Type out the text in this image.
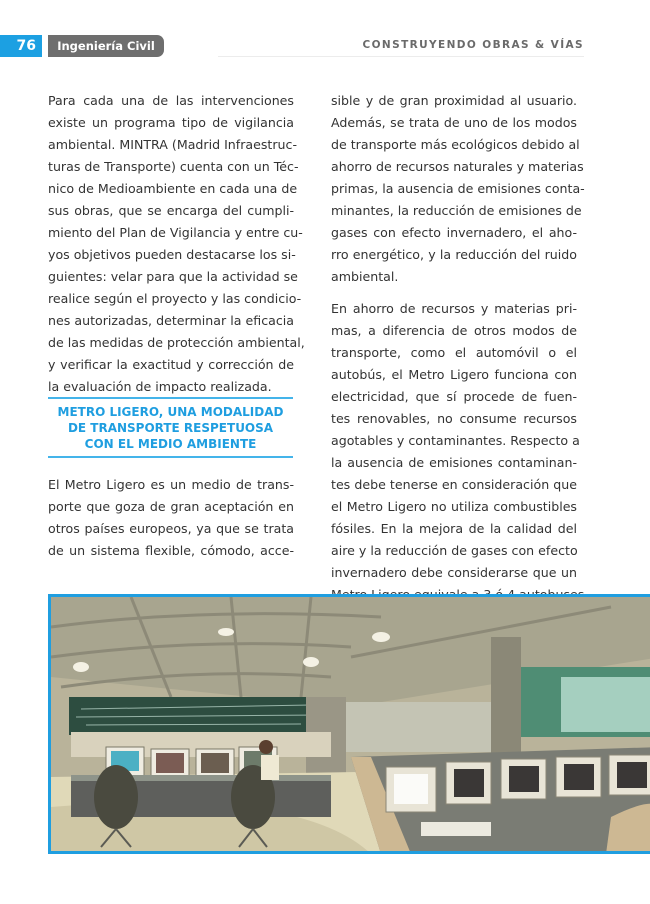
76	Ingeniería Civil	CONSTRUYENDO OBRAS & VÍAS
Para cada una de las intervenciones
existe un programa tipo de vigilancia
ambiental. MINTRA (Madrid Infraestruc-
turas de Transporte) cuenta con un Téc-
nico de Medioambiente en cada una de
sus obras, que se encarga del cumpli-
miento del Plan de Vigilancia y entre cu-
yos objetivos pueden destacarse los si-
guientes: velar para que la actividad se
realice según el proyecto y las condicio-
nes autorizadas, determinar la eficacia
de las medidas de protección ambiental,
y verificar la exactitud y corrección de
la evaluación de impacto realizada.
METRO LIGERO, UNA MODALIDAD
DE TRANSPORTE RESPETUOSA
CON EL MEDIO AMBIENTE
El Metro Ligero es un medio de trans-
porte que goza de gran aceptación en
otros países europeos, ya que se trata
de un sistema flexible, cómodo, acce-
sible y de gran proximidad al usuario.
Además, se trata de uno de los modos
de transporte más ecológicos debido al
ahorro de recursos naturales y materias
primas, la ausencia de emisiones conta-
minantes, la reducción de emisiones de
gases con efecto invernadero, el aho-
rro energético, y la reducción del ruido
ambiental.
En ahorro de recursos y materias pri-
mas, a diferencia de otros modos de
transporte, como el automóvil o el
autobús, el Metro Ligero funciona con
electricidad, que sí procede de fuen-
tes renovables, no consume recursos
agotables y contaminantes. Respecto a
la ausencia de emisiones contaminan-
tes debe tenerse en consideración que
el Metro Ligero no utiliza combustibles
fósiles. En la mejora de la calidad del
aire y la reducción de gases con efecto
invernadero debe considerarse que un
